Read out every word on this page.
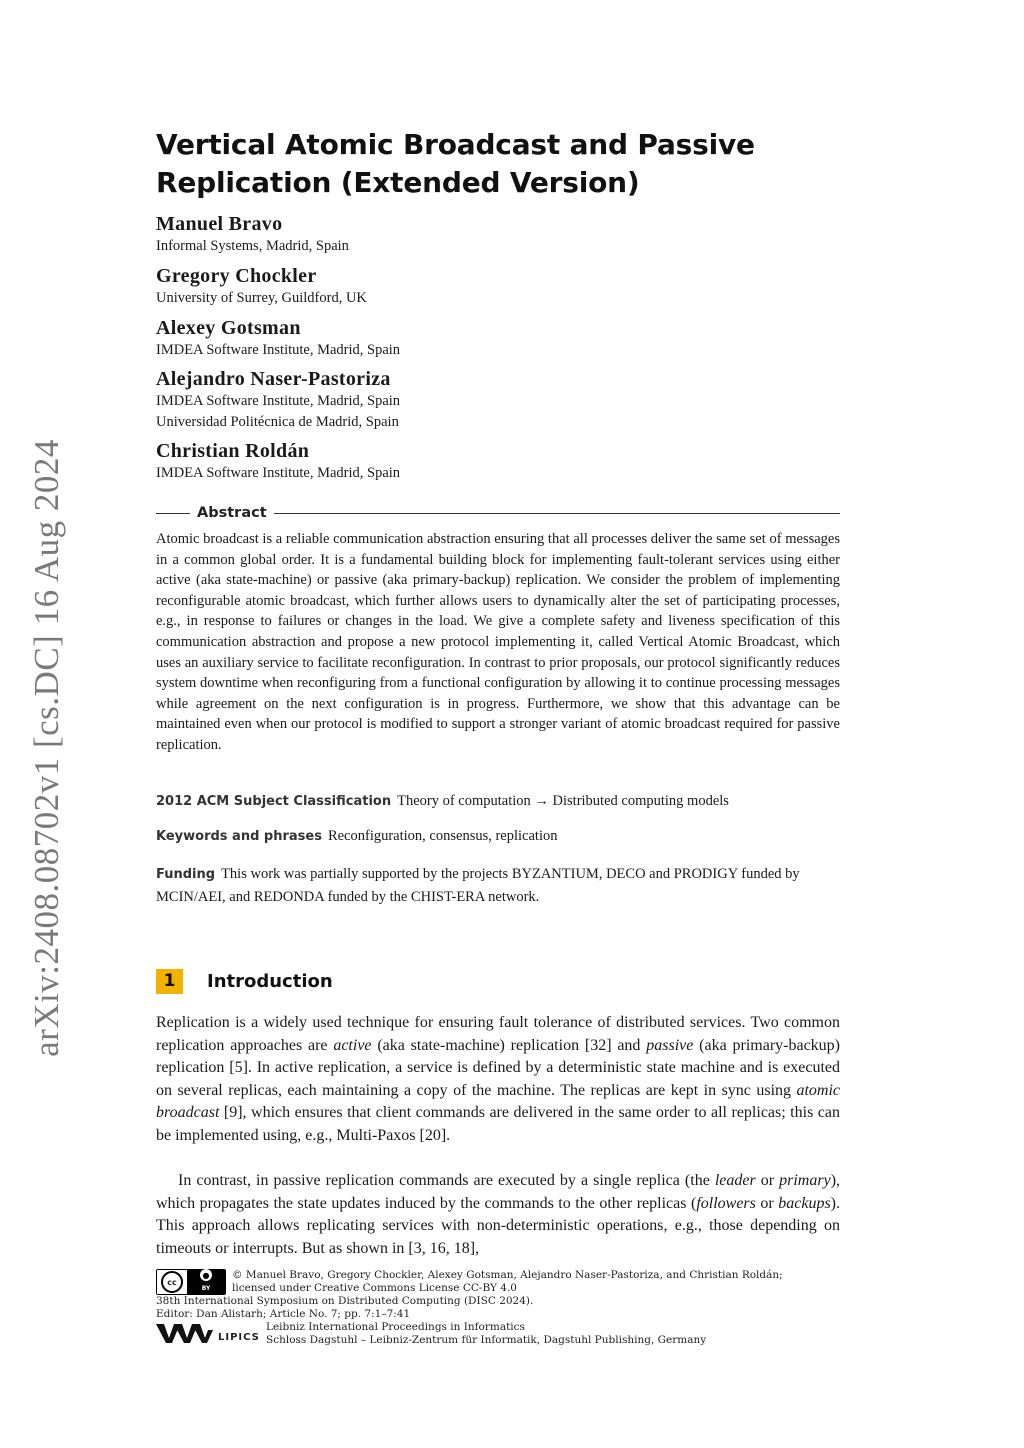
arXiv:2408.08702v1 [cs.DC] 16 Aug 2024
Vertical Atomic Broadcast and Passive Replication (Extended Version)
Manuel Bravo
Informal Systems, Madrid, Spain
Gregory Chockler
University of Surrey, Guildford, UK
Alexey Gotsman
IMDEA Software Institute, Madrid, Spain
Alejandro Naser-Pastoriza
IMDEA Software Institute, Madrid, Spain
Universidad Politécnica de Madrid, Spain
Christian Roldán
IMDEA Software Institute, Madrid, Spain
Abstract

Atomic broadcast is a reliable communication abstraction ensuring that all processes deliver the same set of messages in a common global order. It is a fundamental building block for implementing fault-tolerant services using either active (aka state-machine) or passive (aka primary-backup) replication. We consider the problem of implementing reconfigurable atomic broadcast, which further allows users to dynamically alter the set of participating processes, e.g., in response to failures or changes in the load. We give a complete safety and liveness specification of this communication abstraction and propose a new protocol implementing it, called Vertical Atomic Broadcast, which uses an auxiliary service to facilitate reconfiguration. In contrast to prior proposals, our protocol significantly reduces system downtime when reconfiguring from a functional configuration by allowing it to continue processing messages while agreement on the next configuration is in progress. Furthermore, we show that this advantage can be maintained even when our protocol is modified to support a stronger variant of atomic broadcast required for passive replication.

2012 ACM Subject Classification Theory of computation → Distributed computing models

Keywords and phrases Reconfiguration, consensus, replication

Funding This work was partially supported by the projects BYZANTIUM, DECO and PRODIGY funded by MCIN/AEI, and REDONDA funded by the CHIST-ERA network.

1	Introduction

Replication is a widely used technique for ensuring fault tolerance of distributed services. Two common replication approaches are active (aka state-machine) replication [32] and passive (aka primary-backup) replication [5]. In active replication, a service is defined by a deterministic state machine and is executed on several replicas, each maintaining a copy of the machine. The replicas are kept in sync using atomic broadcast [9], which ensures that client commands are delivered in the same order to all replicas; this can be implemented using, e.g., Multi-Paxos [20].

In contrast, in passive replication commands are executed by a single replica (the leader or primary), which propagates the state updates induced by the commands to the other replicas (followers or backups). This approach allows replicating services with non-deterministic operations, e.g., those depending on timeouts or interrupts. But as shown in [3, 16, 18],

cc
●
BY
© Manuel Bravo, Gregory Chockler, Alexey Gotsman, Alejandro Naser-Pastoriza, and Christian Roldán;
licensed under Creative Commons License CC-BY 4.0
38th International Symposium on Distributed Computing (DISC 2024).
Editor: Dan Alistarh; Article No. 7; pp. 7:1–7:41
LIPICS
Leibniz International Proceedings in Informatics
Schloss Dagstuhl – Leibniz-Zentrum für Informatik, Dagstuhl Publishing, Germany
